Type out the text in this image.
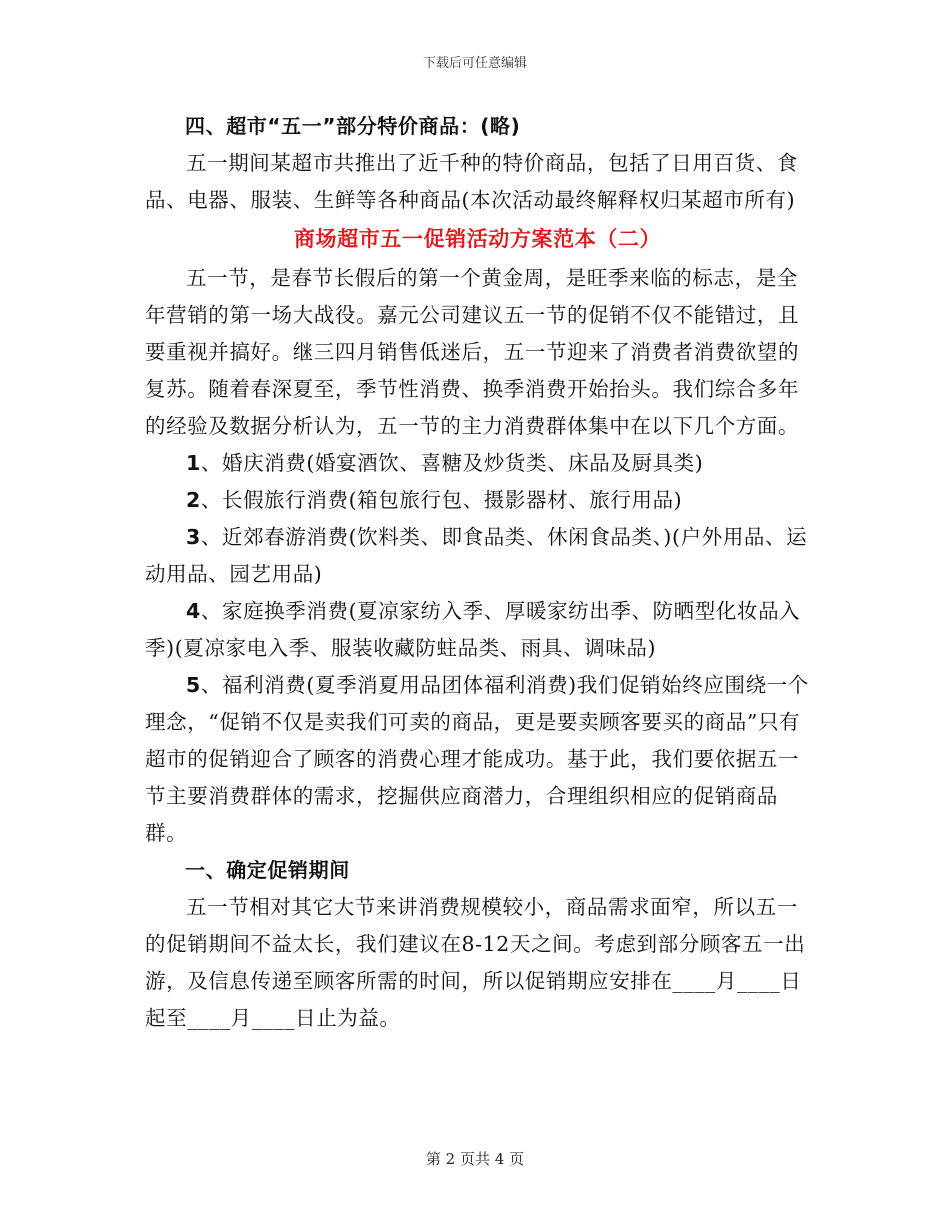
下载后可任意编辑

四、超市“五一”部分特价商品：(略)

五一期间某超市共推出了近千种的特价商品，包括了日用百货、食品、电器、服装、生鲜等各种商品(本次活动最终解释权归某超市所有)

商场超市五一促销活动方案范本（二）

五一节，是春节长假后的第一个黄金周，是旺季来临的标志，是全年营销的第一场大战役。嘉元公司建议五一节的促销不仅不能错过，且要重视并搞好。继三四月销售低迷后，五一节迎来了消费者消费欲望的复苏。随着春深夏至，季节性消费、换季消费开始抬头。我们综合多年的经验及数据分析认为，五一节的主力消费群体集中在以下几个方面。

1、婚庆消费(婚宴酒饮、喜糖及炒货类、床品及厨具类)

2、长假旅行消费(箱包旅行包、摄影器材、旅行用品)

3、近郊春游消费(饮料类、即食品类、休闲食品类、)(户外用品、运动用品、园艺用品)

4、家庭换季消费(夏凉家纺入季、厚暖家纺出季、防晒型化妆品入季)(夏凉家电入季、服装收藏防蛀品类、雨具、调味品)

5、福利消费(夏季消夏用品团体福利消费)我们促销始终应围绕一个理念，“促销不仅是卖我们可卖的商品，更是要卖顾客要买的商品”只有超市的促销迎合了顾客的消费心理才能成功。基于此，我们要依据五一节主要消费群体的需求，挖掘供应商潜力，合理组织相应的促销商品群。

一、确定促销期间

五一节相对其它大节来讲消费规模较小，商品需求面窄，所以五一的促销期间不益太长，我们建议在8-12天之间。考虑到部分顾客五一出游，及信息传递至顾客所需的时间，所以促销期应安排在____月____日起至____月____日止为益。

第 2 页共 4 页
